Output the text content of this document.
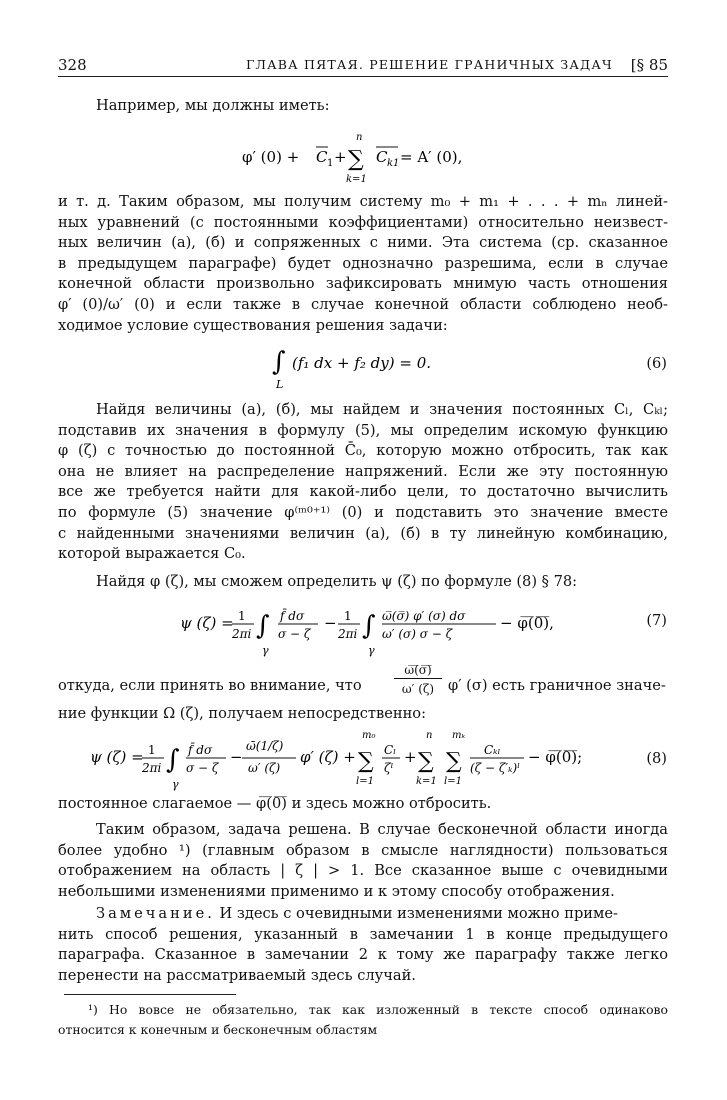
328	ГЛАВА ПЯТАЯ. РЕШЕНИЕ ГРАНИЧНЫХ ЗАДАЧ [§ 85

Например, мы должны иметь:

φ′ (0) + C 1 +
n
∑
k=1
C k1 = A′ (0),
и т. д. Таким образом, мы получим систему m₀ + m₁ + . . . + mₙ линей-
ных уравнений (с постоянными коэффициентами) относительно неизвест-
ных величин (а), (б) и сопряженных с ними. Эта система (ср. сказанное
в предыдущем параграфе) будет однозначно разрешима, если в случае
конечной области произвольно зафиксировать мнимую часть отношения
φ′ (0)/ω′ (0) и если также в случае конечной области соблюдено необ-
ходимое условие существования решения задачи:
∫
L
(f₁ dx + f₂ dy) = 0.	(6)
Найдя величины (а), (б), мы найдем и значения постоянных Cₗ, Cₖₗ;
подставив их значения в формулу (5), мы определим искомую функцию
φ (ζ) с точностью до постоянной C̄₀, которую можно отбросить, так как
она не влияет на распределение напряжений. Если же эту постоянную
все же требуется найти для какой-либо цели, то достаточно вычислить
по формуле (5) значение φ⁽ᵐ⁰⁺¹⁾ (0) и подставить это значение вместе
с найденными значениями величин (а), (б) в ту линейную комбинацию,
которой выражается C₀.

Найдя φ (ζ), мы сможем определить ψ (ζ) по формуле (8) § 78:

ψ (ζ) = 1
2πi ∫
γ
f̄ dσ
σ − ζ
− 1
2πi ∫
γ
ω̅(σ̅) φ′ (σ) dσ
ω′ (σ) σ − ζ
− φ̅(̅0̅)̅,	(7)
откуда, если принять во внимание, что
ω̅(̅σ̅)̅
ω′ (ζ) φ′ (σ) есть граничное значе-
ние функции Ω (ζ), получаем непосредственно:
ψ (ζ) = 1
2πi ∫
γ
f̄ dσ
σ − ζ
−
ω̄(1/ζ)
ω′ (ζ)
φ′ (ζ) +
m₀
∑
l=1
Cₗ
ζˡ
+
n
∑
k=1
mₖ
∑
l=1
Cₖₗ
(ζ − ζ′ₖ)ˡ
− φ̅(̅0̅)̅;	(8)

постоянное слагаемое — φ̅(̅0̅)̅ и здесь можно отбросить.

Таким образом, задача решена. В случае бесконечной области иногда
более удобно ¹) (главным образом в смысле наглядности) пользоваться
отображением на область | ζ | > 1. Все сказанное выше с очевидными
небольшими изменениями применимо и к этому способу отображения.
Замечание. И здесь с очевидными изменениями можно приме-
нить способ решения, указанный в замечании 1 в конце предыдущего
параграфа. Сказанное в замечании 2 к тому же параграфу также легко
перенести на рассматриваемый здесь случай.
¹) Но вовсе не обязательно, так как изложенный в тексте способ одинаково
относится к конечным и бесконечным областям
